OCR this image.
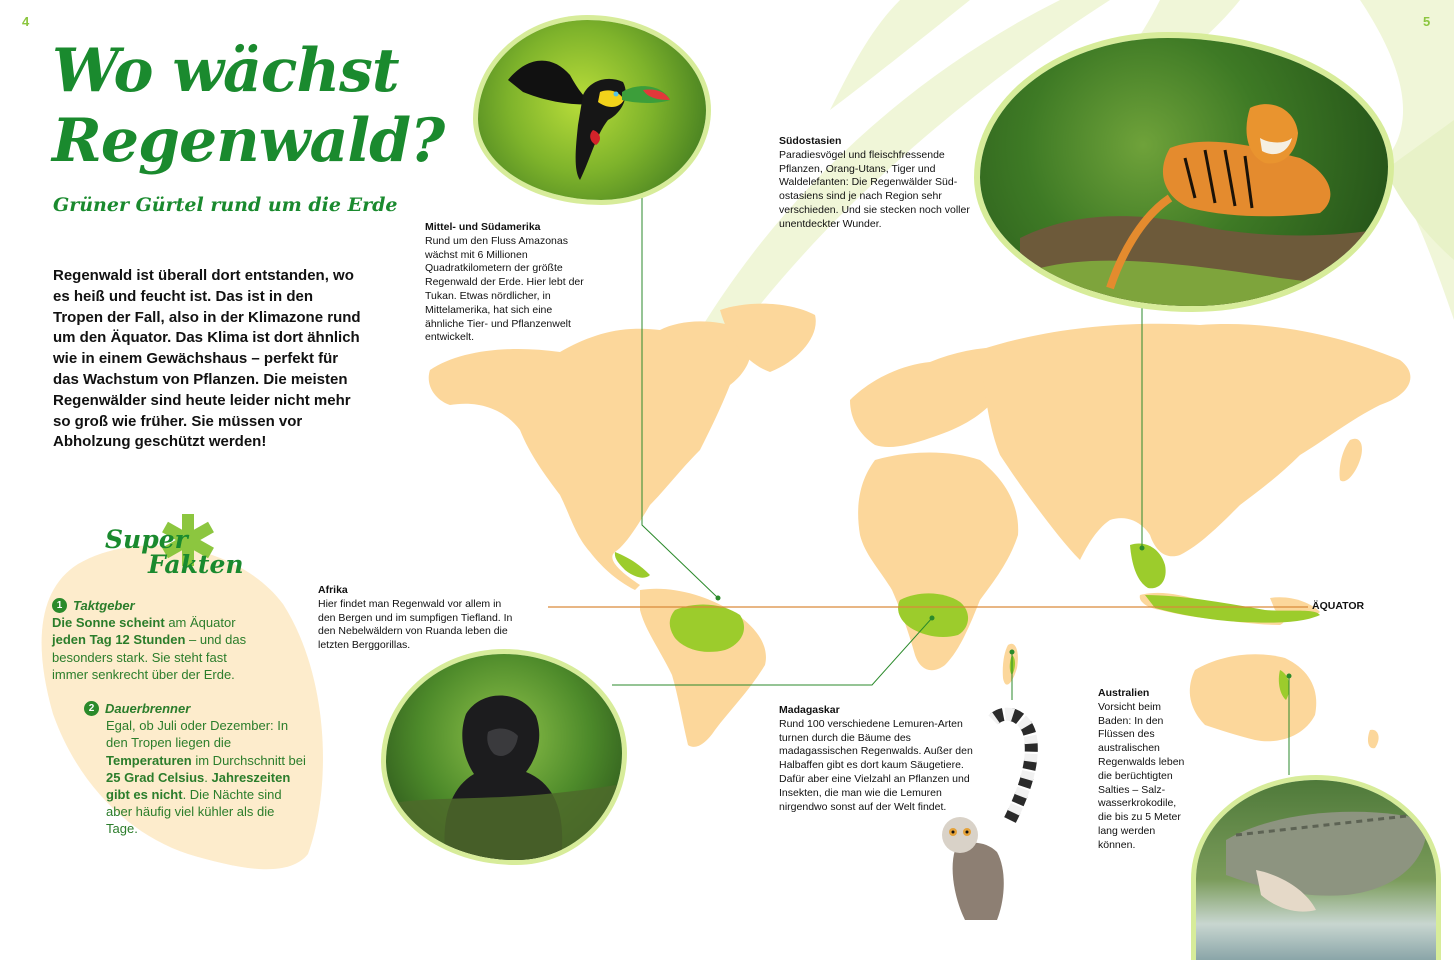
4	5
Wo wächst Regenwald?
Grüner Gürtel rund um die Erde
Regenwald ist überall dort entstanden, wo es heiß und feucht ist. Das ist in den Tropen der Fall, also in der Klimazone rund um den Äquator. Das Klima ist dort ähnlich wie in einem Gewächshaus – perfekt für das Wachstum von Pflanzen. Die meisten Regenwälder sind heute leider nicht mehr so groß wie früher. Sie müssen vor Abholzung geschützt werden!
ÄQUATOR
Mittel- und Südamerika
Rund um den Fluss Amazonas wächst mit 6 Millionen Quadratkilometern der größte Regenwald der Erde. Hier lebt der Tukan. Etwas nördlicher, in Mittelamerika, hat sich eine ähnliche Tier- und Pflanzenwelt entwickelt.
Südostasien
Paradiesvögel und fleischfressende Pflanzen, Orang-Utans, Tiger und Waldelefanten: Die Regenwälder Südostasiens sind je nach Region sehr verschieden. Und sie stecken noch voller unentdeckter Wunder.
Afrika
Hier findet man Regenwald vor allem in den Bergen und im sumpfigen Tiefland. In den Nebelwäldern von Ruanda leben die letzten Berggorillas.
Madagaskar
Rund 100 verschiedene Lemuren-Arten turnen durch die Bäume des madagassischen Regenwalds. Außer den Halbaffen gibt es dort kaum Säugetiere. Dafür aber eine Vielzahl an Pflanzen und Insekten, die man wie die Lemuren nirgendwo sonst auf der Welt findet.
Australien
Vorsicht beim Baden: In den Flüssen des australischen Regenwalds leben die berüchtigten Salties – Salzwasserkrokodile, die bis zu 5 Meter lang werden können.
Super
Fakten
1 Taktgeber
Die Sonne scheint am Äquator jeden Tag 12 Stunden – und das besonders stark. Sie steht fast immer senkrecht über der Erde.
2 Dauerbrenner
Egal, ob Juli oder Dezember: In den Tropen liegen die Temperaturen im Durchschnitt bei 25 Grad Celsius. Jahreszeiten gibt es nicht. Die Nächte sind aber häufig viel kühler als die Tage.
